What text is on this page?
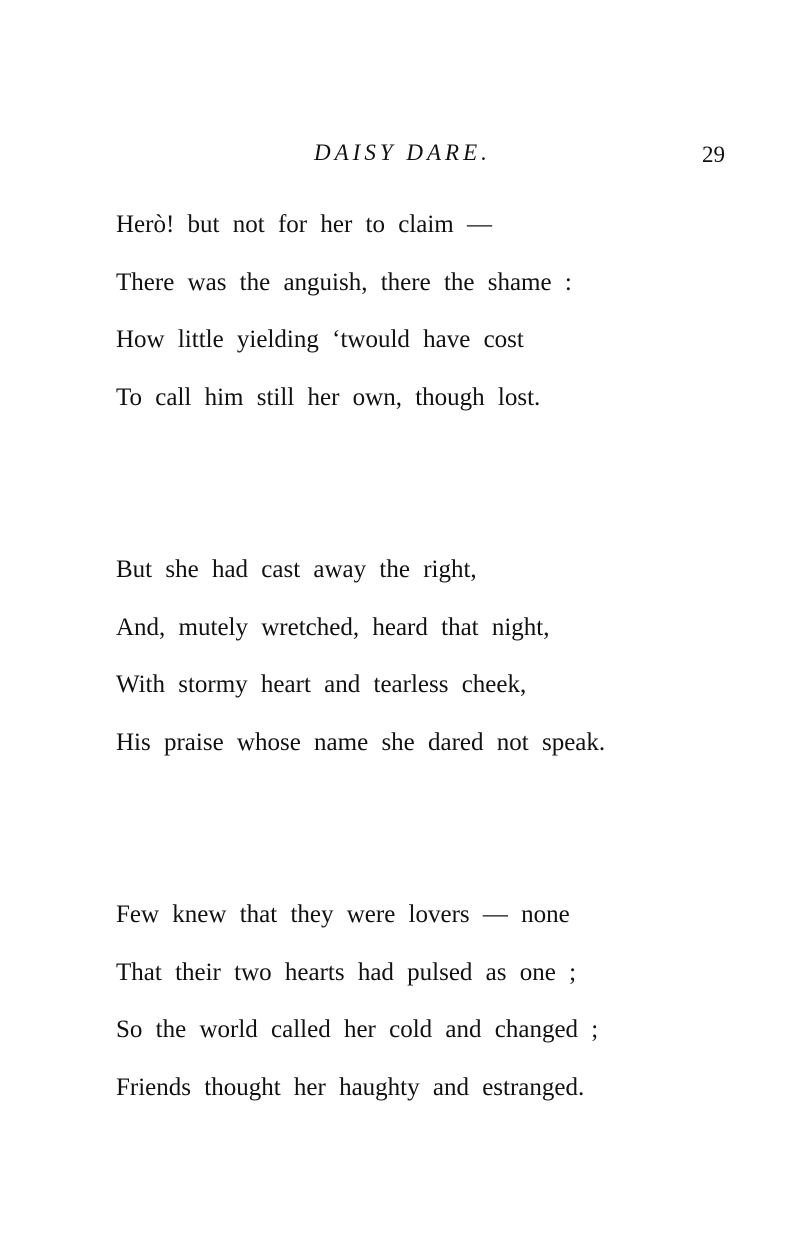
DAISY DARE.	29
Herò! but not for her to claim —
There was the anguish, there the shame :
How little yielding ‘twould have cost
To call him still her own, though lost.
But she had cast away the right,
And, mutely wretched, heard that night,
With stormy heart and tearless cheek,
His praise whose name she dared not speak.
Few knew that they were lovers — none
That their two hearts had pulsed as one ;
So the world called her cold and changed ;
Friends thought her haughty and estranged.
